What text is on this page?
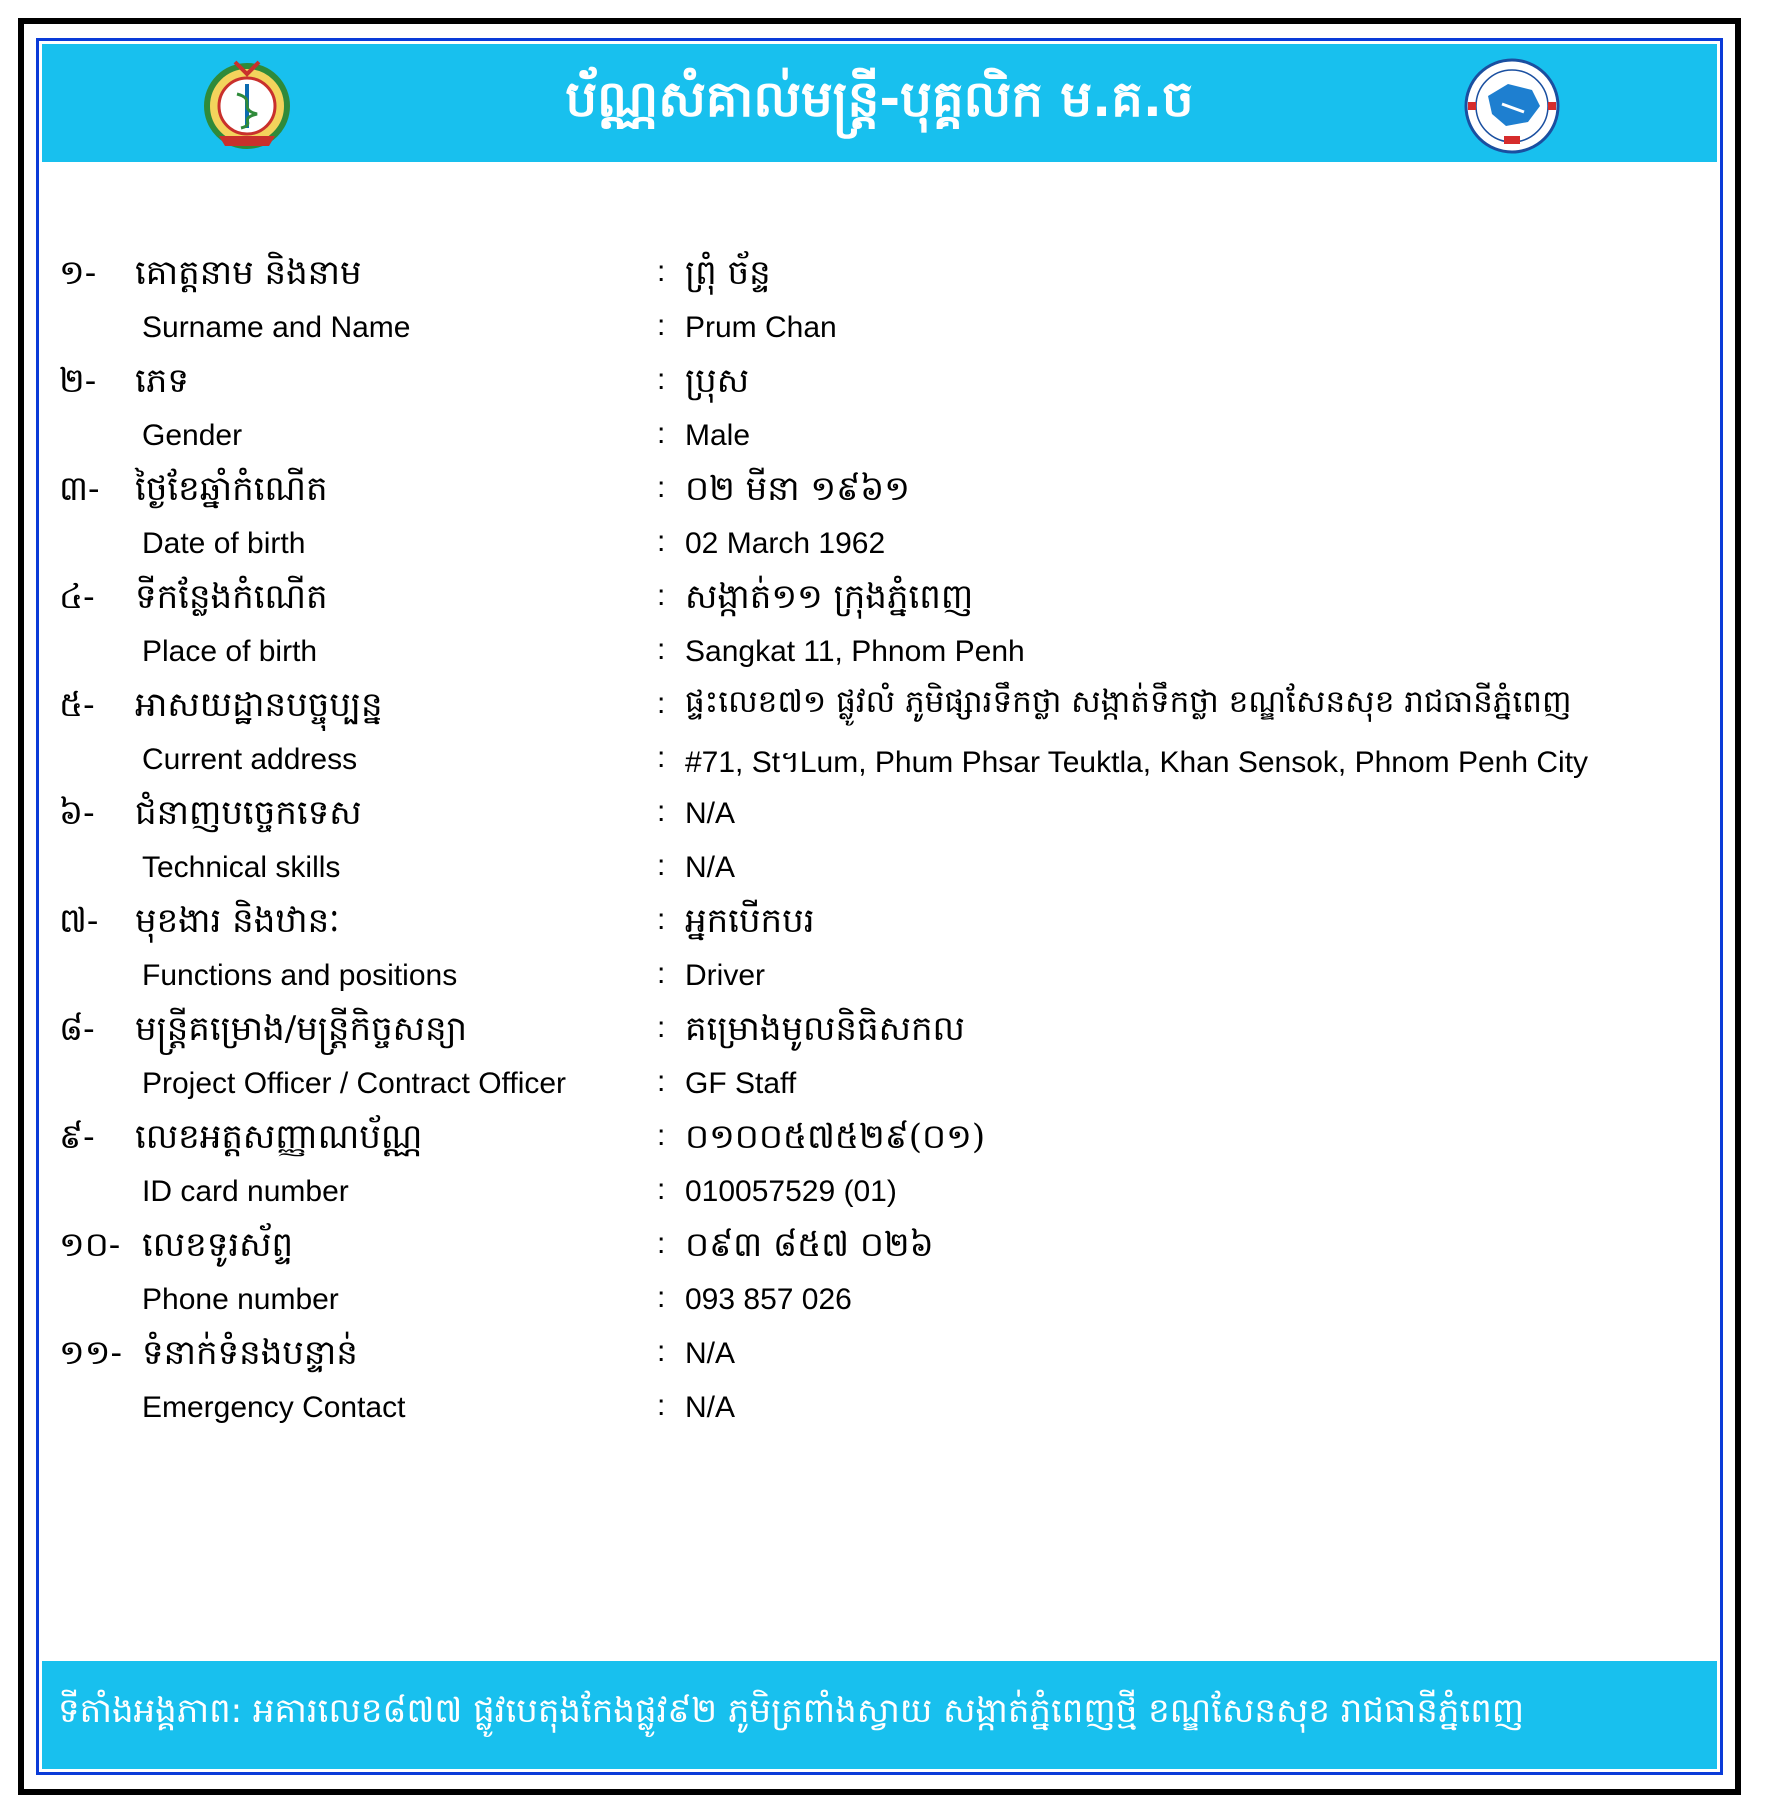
ប័ណ្ណសំគាល់មន្ត្រី-បុគ្គលិក ម.គ.ច
១- គោត្តនាម និងនាម	: ព្រុំ ច័ន្ទ
Surname and Name	: Prum Chan
២- ភេទ	: ប្រុស
Gender	: Male
៣- ថ្ងៃខែឆ្នាំកំណើត	: ០២ មីនា ១៩៦១
Date of birth	: 02 March 1962
៤- ទីកន្លែងកំណើត	: សង្កាត់១១ ក្រុងភ្នំពេញ
Place of birth	: Sangkat 11, Phnom Penh
៥- អាសយដ្ឋានបច្ចុប្បន្ន	: ផ្ទះលេខ៧១ ផ្លូវលំ ភូមិផ្សារទឹកថ្លា សង្កាត់ទឹកថ្លា ខណ្ឌសែនសុខ រាជធានីភ្នំពេញ
Current address	: #71, St។Lum, Phum Phsar Teuktla, Khan Sensok, Phnom Penh City
៦- ជំនាញបច្ចេកទេស	: N/A
Technical skills	: N/A
៧- មុខងារ និងឋានៈ	: អ្នកបើកបរ
Functions and positions	: Driver
៨- មន្ត្រីគម្រោង/មន្ត្រីកិច្ចសន្យា	: គម្រោងមូលនិធិសកល
Project Officer / Contract Officer	: GF Staff
៩- លេខអត្តសញ្ញាណប័ណ្ណ	: ០១០០៥៧៥២៩(០១)
ID card number	: 010057529 (01)
១០- លេខទូរស័ព្ទ	: ០៩៣ ៨៥៧ ០២៦
Phone number	: 093 857 026
១១- ទំនាក់ទំនងបន្ទាន់	: N/A
Emergency Contact	: N/A
ទីតាំងអង្គភាព: អគារលេខ៨៧៧ ផ្លូវបេតុងកែងផ្លូវ៩២ ភូមិត្រពាំងស្វាយ សង្កាត់ភ្នំពេញថ្មី ខណ្ឌសែនសុខ រាជធានីភ្នំពេញ
